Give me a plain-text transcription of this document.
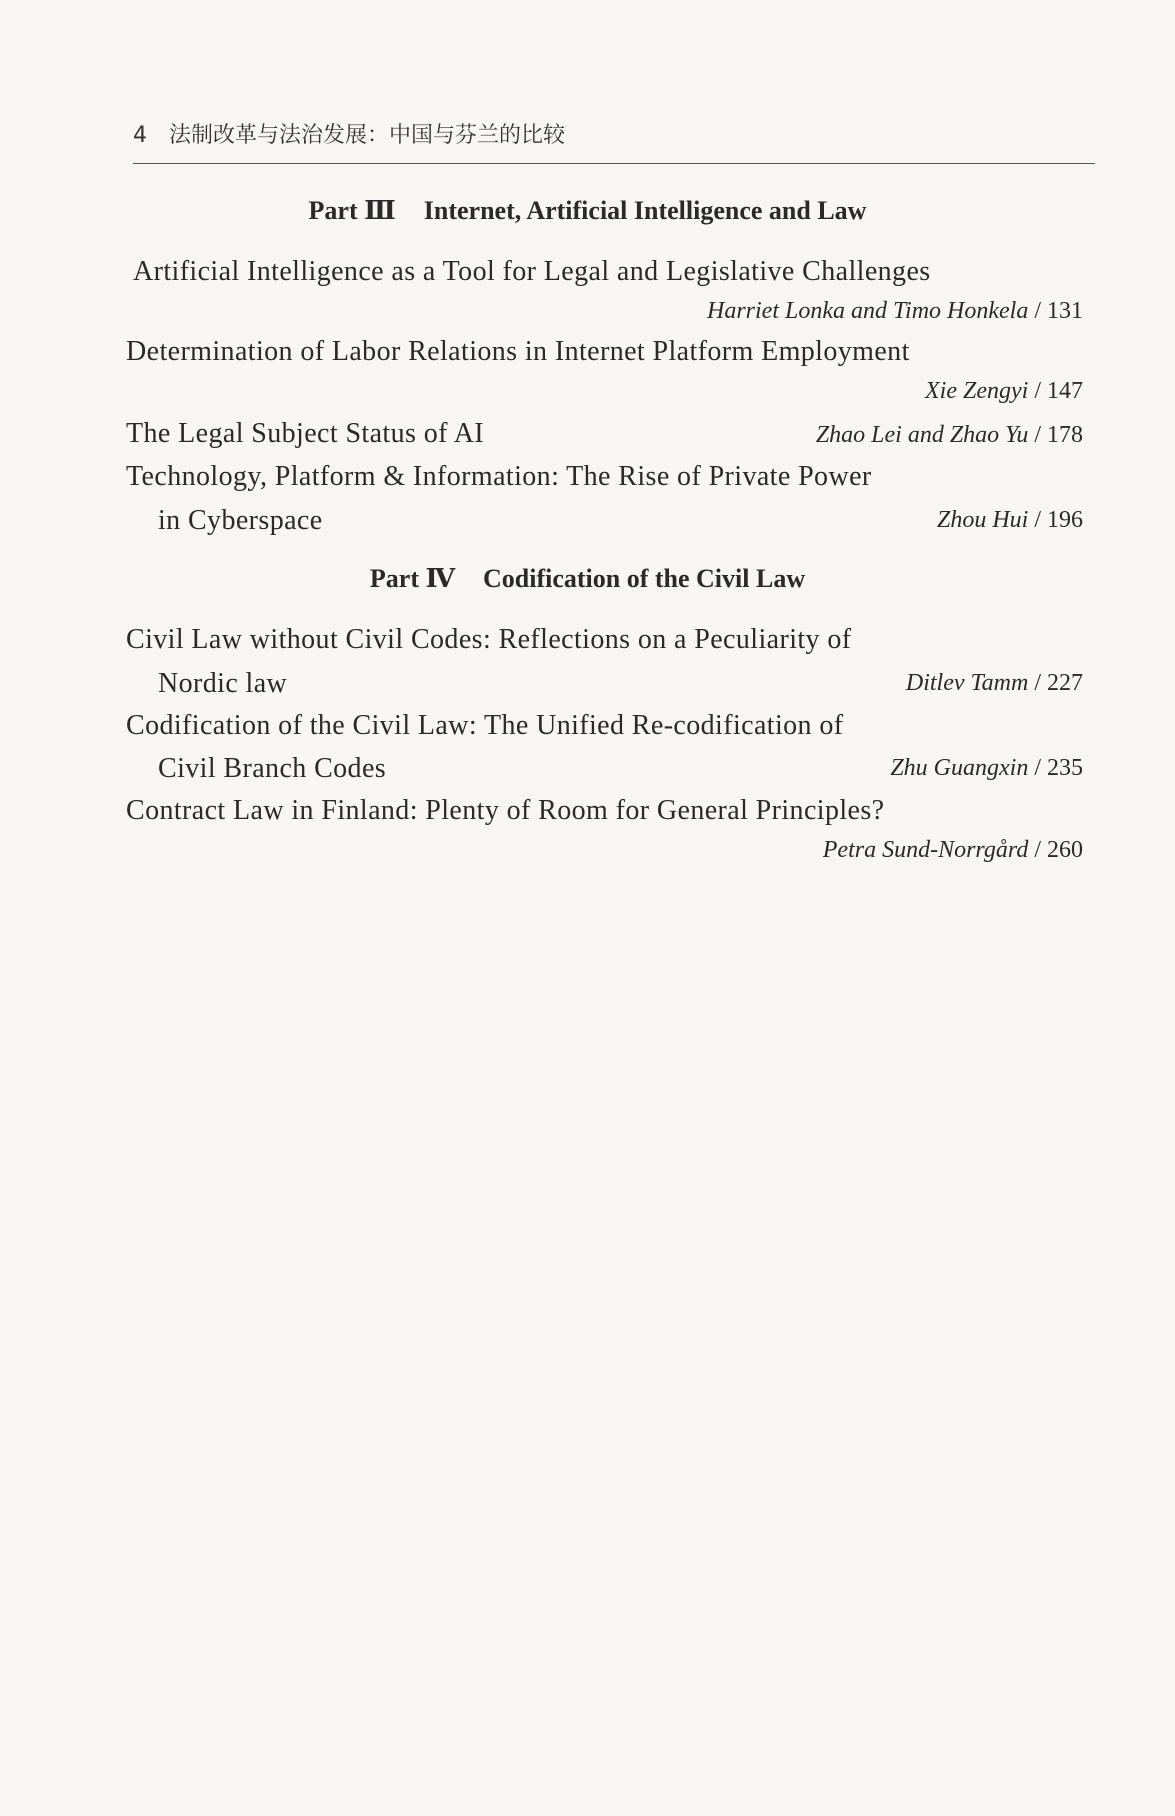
4 法制改革与法治发展：中国与芬兰的比较
Part Ⅲ Internet, Artificial Intelligence and Law
Artificial Intelligence as a Tool for Legal and Legislative Challenges
Harriet Lonka and Timo Honkela / 131
Determination of Labor Relations in Internet Platform Employment
Xie Zengyi / 147
The Legal Subject Status of AI	Zhao Lei and Zhao Yu / 178
Technology, Platform & Information: The Rise of Private Power
in Cyberspace	Zhou Hui / 196
Part Ⅳ Codification of the Civil Law
Civil Law without Civil Codes: Reflections on a Peculiarity of
Nordic law	Ditlev Tamm / 227
Codification of the Civil Law: The Unified Re-codification of
Civil Branch Codes	Zhu Guangxin / 235
Contract Law in Finland: Plenty of Room for General Principles?
Petra Sund-Norrgård / 260
